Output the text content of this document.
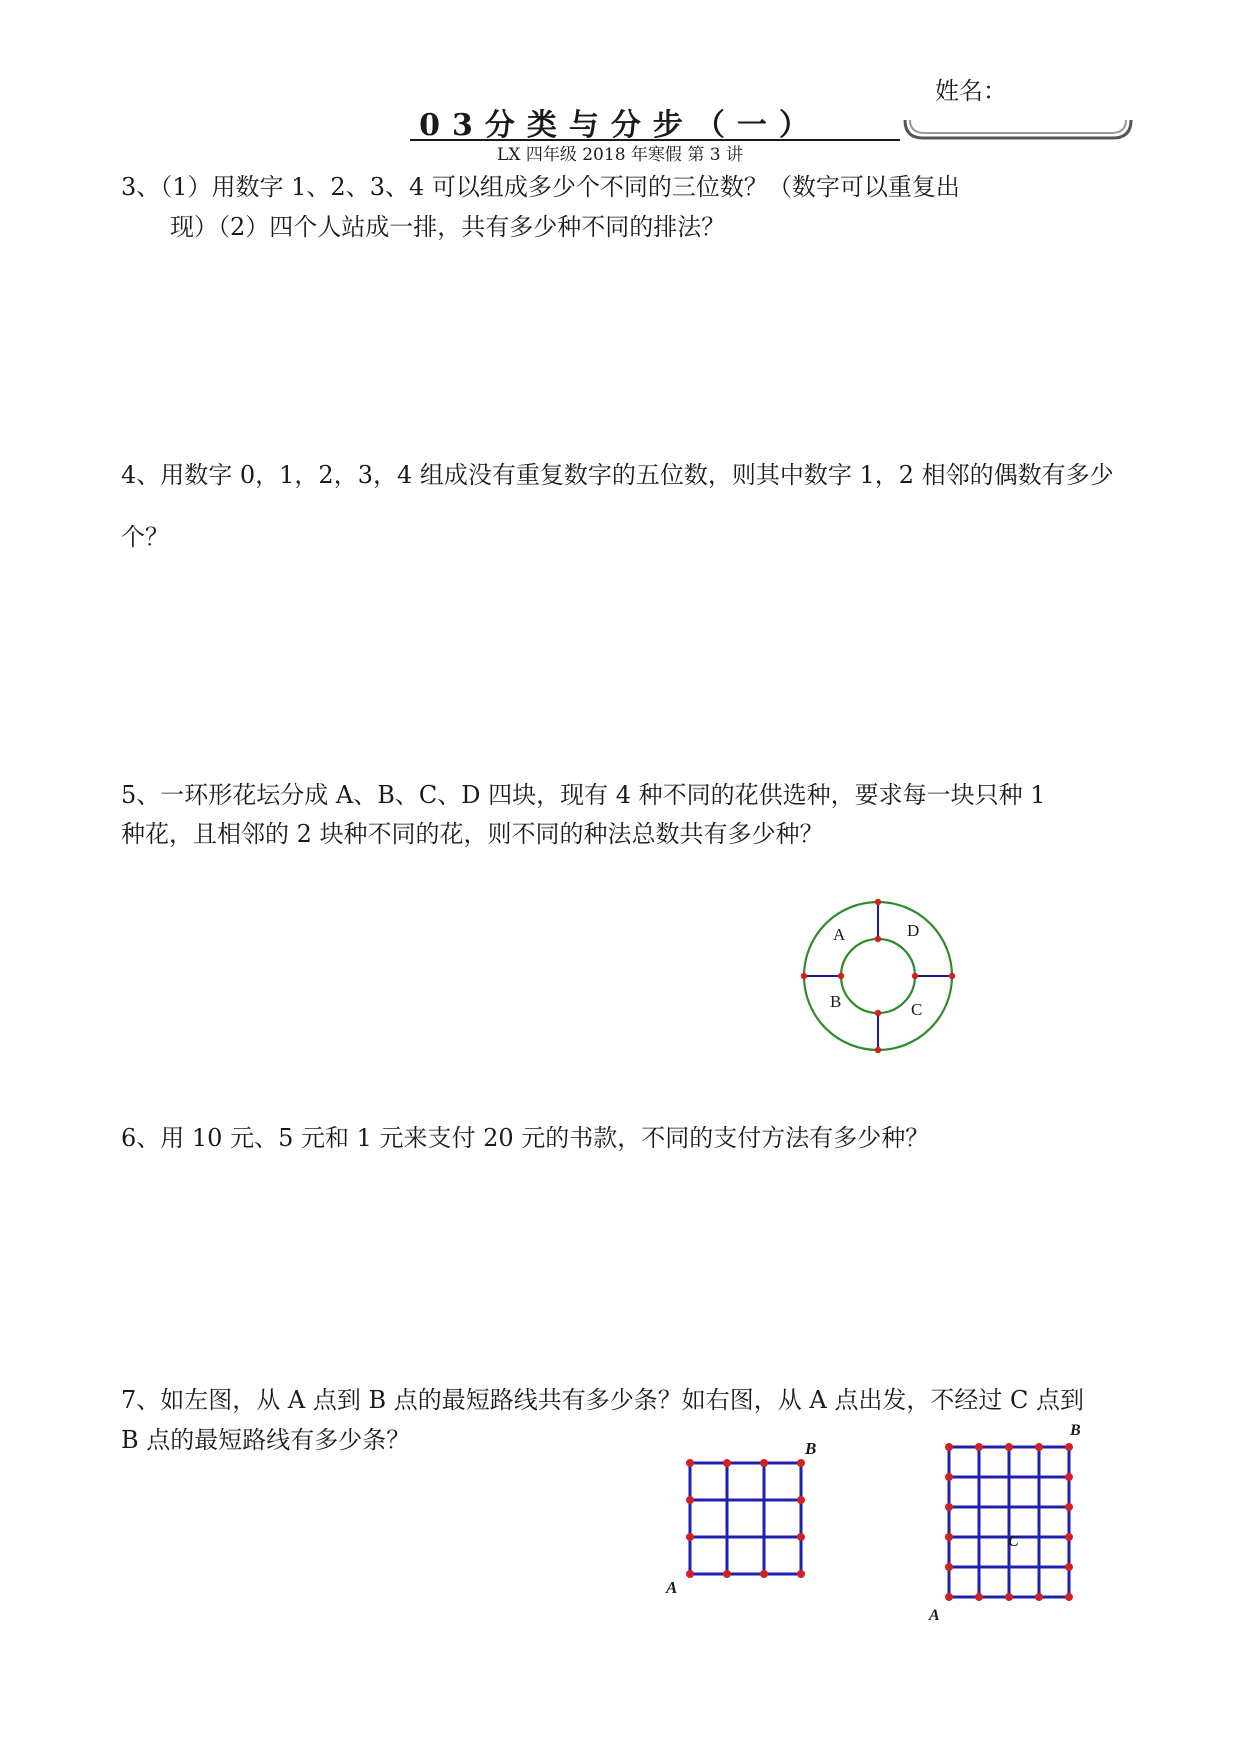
03分类与分步（一）
LX 四年级 2018 年寒假 第 3 讲
姓名：
3、（1）用数字 1、2、3、4 可以组成多少个不同的三位数？（数字可以重复出
现）（2）四个人站成一排，共有多少种不同的排法？
4、用数字 0，1，2，3，4 组成没有重复数字的五位数，则其中数字 1，2 相邻的偶数有多少
个？
5、一环形花坛分成 A、B、C、D 四块，现有 4 种不同的花供选种，要求每一块只种 1
种花，且相邻的 2 块种不同的花，则不同的种法总数共有多少种？
A	D
B	C
6、用 10 元、5 元和 1 元来支付 20 元的书款，不同的支付方法有多少种？
7、如左图，从 A 点到 B 点的最短路线共有多少条？如右图，从 A 点出发，不经过 C 点到
B 点的最短路线有多少条？
A
B
A
B
C
